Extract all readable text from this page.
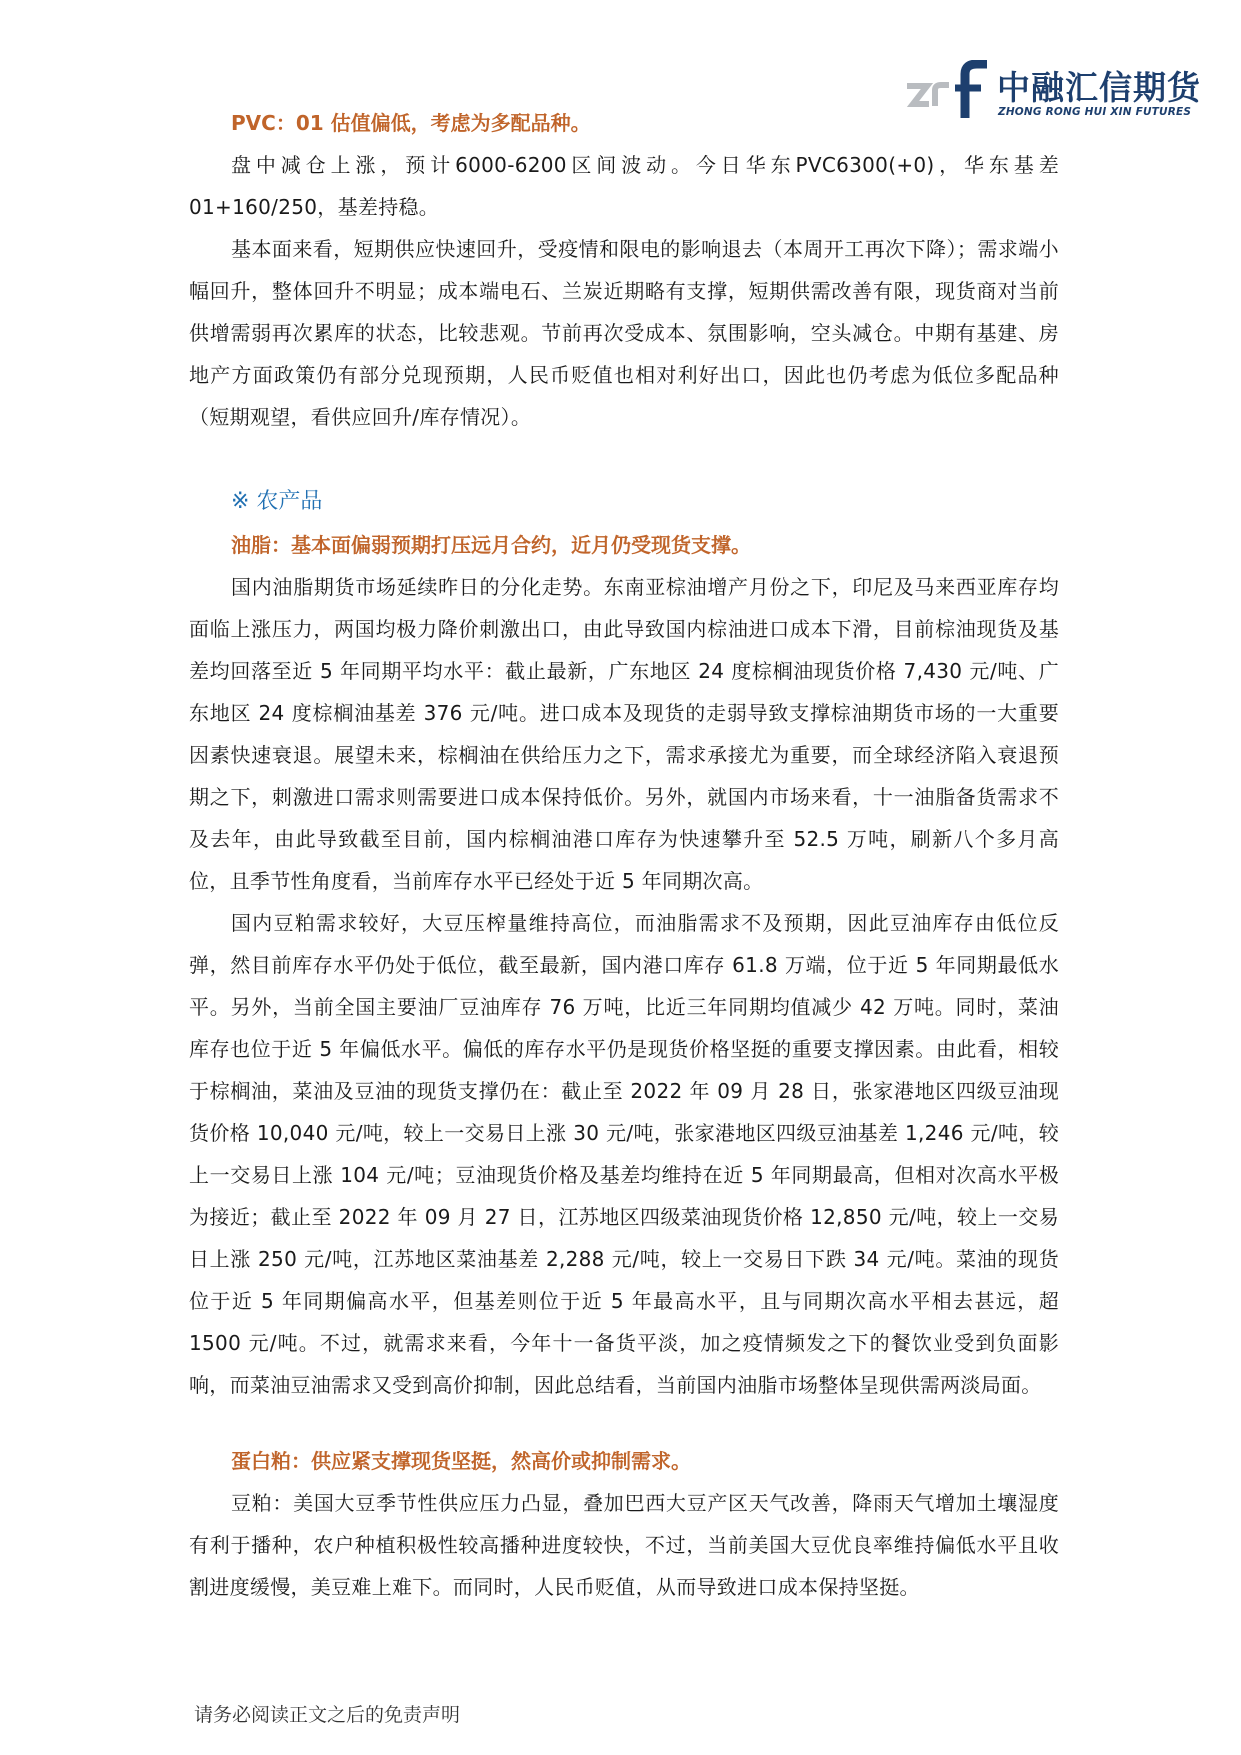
中融汇信期货
ZHONG RONG HUI XIN FUTURES
PVC：01 估值偏低，考虑为多配品种。

盘中减仓上涨，预计6000-6200区间波动。今日华东PVC6300(+0)，华东基差01+160/250，基差持稳。

基本面来看，短期供应快速回升，受疫情和限电的影响退去（本周开工再次下降）；需求端小幅回升，整体回升不明显；成本端电石、兰炭近期略有支撑，短期供需改善有限，现货商对当前供增需弱再次累库的状态，比较悲观。节前再次受成本、氛围影响，空头减仓。中期有基建、房地产方面政策仍有部分兑现预期，人民币贬值也相对利好出口，因此也仍考虑为低位多配品种（短期观望，看供应回升/库存情况）。

※ 农产品
油脂：基本面偏弱预期打压远月合约，近月仍受现货支撑。

国内油脂期货市场延续昨日的分化走势。东南亚棕油增产月份之下，印尼及马来西亚库存均面临上涨压力，两国均极力降价刺激出口，由此导致国内棕油进口成本下滑，目前棕油现货及基差均回落至近 5 年同期平均水平：截止最新，广东地区 24 度棕榈油现货价格 7,430 元/吨、广东地区 24 度棕榈油基差 376 元/吨。进口成本及现货的走弱导致支撑棕油期货市场的一大重要因素快速衰退。展望未来，棕榈油在供给压力之下，需求承接尤为重要，而全球经济陷入衰退预期之下，刺激进口需求则需要进口成本保持低价。另外，就国内市场来看，十一油脂备货需求不及去年，由此导致截至目前，国内棕榈油港口库存为快速攀升至 52.5 万吨，刷新八个多月高位，且季节性角度看，当前库存水平已经处于近 5 年同期次高。

国内豆粕需求较好，大豆压榨量维持高位，而油脂需求不及预期，因此豆油库存由低位反弹，然目前库存水平仍处于低位，截至最新，国内港口库存 61.8 万端，位于近 5 年同期最低水平。另外，当前全国主要油厂豆油库存 76 万吨，比近三年同期均值减少 42 万吨。同时，菜油库存也位于近 5 年偏低水平。偏低的库存水平仍是现货价格坚挺的重要支撑因素。由此看，相较于棕榈油，菜油及豆油的现货支撑仍在：截止至 2022 年 09 月 28 日，张家港地区四级豆油现货价格 10,040 元/吨，较上一交易日上涨 30 元/吨，张家港地区四级豆油基差 1,246 元/吨，较上一交易日上涨 104 元/吨；豆油现货价格及基差均维持在近 5 年同期最高，但相对次高水平极为接近；截止至 2022 年 09 月 27 日，江苏地区四级菜油现货价格 12,850 元/吨，较上一交易日上涨 250 元/吨，江苏地区菜油基差 2,288 元/吨，较上一交易日下跌 34 元/吨。菜油的现货位于近 5 年同期偏高水平，但基差则位于近 5 年最高水平，且与同期次高水平相去甚远，超 1500 元/吨。不过，就需求来看，今年十一备货平淡，加之疫情频发之下的餐饮业受到负面影响，而菜油豆油需求又受到高价抑制，因此总结看，当前国内油脂市场整体呈现供需两淡局面。

蛋白粕：供应紧支撑现货坚挺，然高价或抑制需求。

豆粕：美国大豆季节性供应压力凸显，叠加巴西大豆产区天气改善，降雨天气增加土壤湿度有利于播种，农户种植积极性较高播种进度较快，不过，当前美国大豆优良率维持偏低水平且收割进度缓慢，美豆难上难下。而同时，人民币贬值，从而导致进口成本保持坚挺。

请务必阅读正文之后的免责声明
